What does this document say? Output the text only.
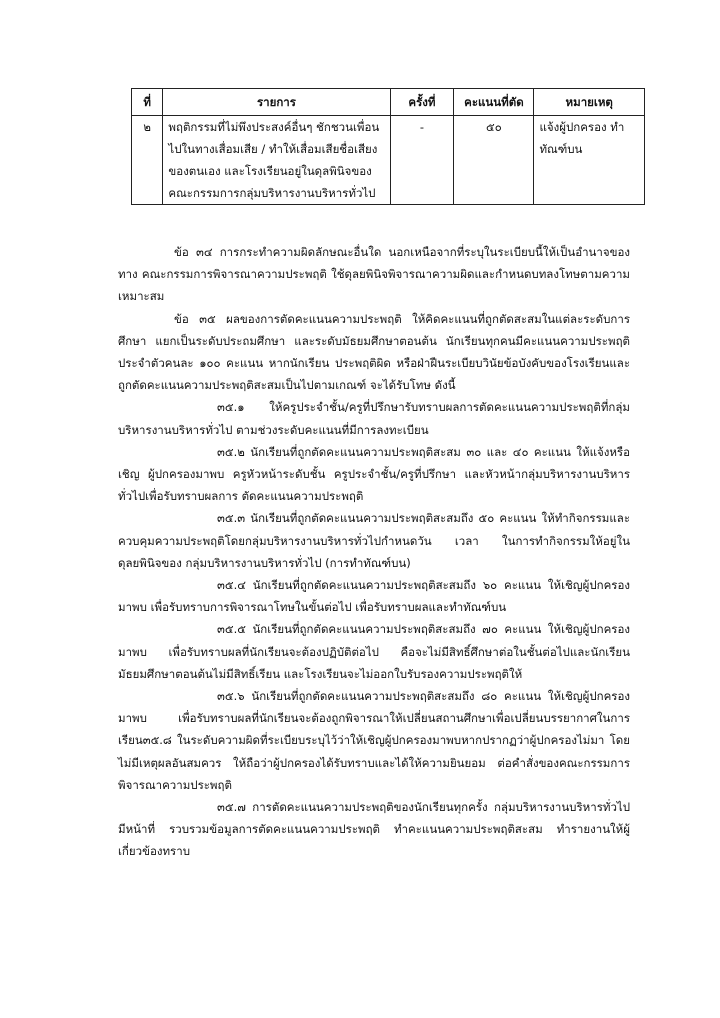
ที่	รายการ	ครั้งที่	คะแนนที่ตัด	หมายเหตุ
๒	พฤติกรรมที่ไม่พึงประสงค์อื่นๆ ชักชวนเพื่อนไปในทางเสื่อมเสีย / ทำให้เสื่อมเสียชื่อเสียงของตนเอง และโรงเรียนอยู่ในดุลพินิจของคณะกรรมการกลุ่มบริหารงานบริหารทั่วไป	-	๕๐	แจ้งผู้ปกครอง ทำทัณฑ์บน

ข้อ ๓๔ การกระทำความผิดลักษณะอื่นใด นอกเหนือจากที่ระบุในระเบียบนี้ให้เป็นอำนาจของทาง คณะกรรมการพิจารณาความประพฤติ ใช้ดุลยพินิจพิจารณาความผิดและกำหนดบทลงโทษตามความเหมาะสม

ข้อ ๓๕ ผลของการตัดคะแนนความประพฤติ ให้คิดคะแนนที่ถูกตัดสะสมในแต่ละระดับการศึกษา แยกเป็นระดับประถมศึกษา และระดับมัธยมศึกษาตอนต้น นักเรียนทุกคนมีคะแนนความประพฤติประจำตัวคนละ ๑๐๐ คะแนน หากนักเรียน ประพฤติผิด หรือฝ่าฝืนระเบียบวินัยข้อบังคับของโรงเรียนและถูกตัดคะแนนความประพฤติสะสมเป็นไปตามเกณฑ์ จะได้รับโทษ ดังนี้

๓๕.๑ ให้ครูประจำชั้น/ครูที่ปรึกษารับทราบผลการตัดคะแนนความประพฤติที่กลุ่มบริหารงานบริหารทั่วไป ตามช่วงระดับคะแนนที่มีการลงทะเบียน

๓๕.๒ นักเรียนที่ถูกตัดคะแนนความประพฤติสะสม ๓๐ และ ๔๐ คะแนน ให้แจ้งหรือเชิญ ผู้ปกครองมาพบ ครูหัวหน้าระดับชั้น ครูประจำชั้น/ครูที่ปรึกษา และหัวหน้ากลุ่มบริหารงานบริหารทั่วไปเพื่อรับทราบผลการ ตัดคะแนนความประพฤติ

๓๕.๓ นักเรียนที่ถูกตัดคะแนนความประพฤติสะสมถึง ๕๐ คะแนน ให้ทำกิจกรรมและควบคุมความประพฤติโดยกลุ่มบริหารงานบริหารทั่วไปกำหนดวัน เวลา ในการทำกิจกรรมให้อยู่ในดุลยพินิจของ กลุ่มบริหารงานบริหารทั่วไป (การทำทัณฑ์บน)

๓๕.๔ นักเรียนที่ถูกตัดคะแนนความประพฤติสะสมถึง ๖๐ คะแนน ให้เชิญผู้ปกครองมาพบ เพื่อรับทราบการพิจารณาโทษในขั้นต่อไป เพื่อรับทราบผลและทำทัณฑ์บน

๓๕.๕ นักเรียนที่ถูกตัดคะแนนความประพฤติสะสมถึง ๗๐ คะแนน ให้เชิญผู้ปกครองมาพบ เพื่อรับทราบผลที่นักเรียนจะต้องปฏิบัติต่อไป คือจะไม่มีสิทธิ์ศึกษาต่อในชั้นต่อไปและนักเรียนมัธยมศึกษาตอนต้นไม่มีสิทธิ์เรียน และโรงเรียนจะไม่ออกใบรับรองความประพฤติให้

๓๕.๖ นักเรียนที่ถูกตัดคะแนนความประพฤติสะสมถึง ๘๐ คะแนน ให้เชิญผู้ปกครองมาพบ เพื่อรับทราบผลที่นักเรียนจะต้องถูกพิจารณาให้เปลี่ยนสถานศึกษาเพื่อเปลี่ยนบรรยากาศในการเรียน๓๕.๘ ในระดับความผิดที่ระเบียบระบุไว้ว่าให้เชิญผู้ปกครองมาพบหากปรากฏว่าผู้ปกครองไม่มา โดยไม่มีเหตุผลอันสมควร ให้ถือว่าผู้ปกครองได้รับทราบและได้ให้ความยินยอม ต่อคำสั่งของคณะกรรมการ พิจารณาความประพฤติ

๓๕.๗ การตัดคะแนนความประพฤติของนักเรียนทุกครั้ง กลุ่มบริหารงานบริหารทั่วไปมีหน้าที่ รวบรวมข้อมูลการตัดคะแนนความประพฤติ ทำคะแนนความประพฤติสะสม ทำรายงานให้ผู้เกี่ยวข้องทราบ
